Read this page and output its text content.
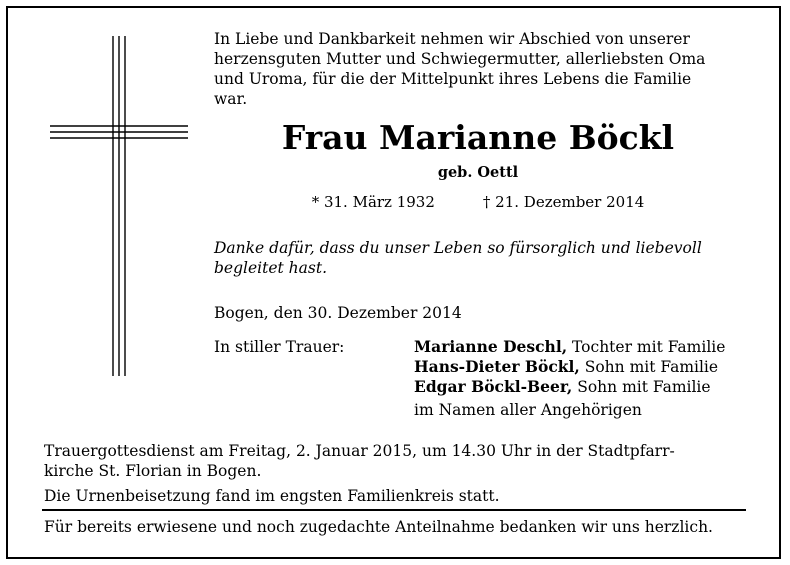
In Liebe und Dankbarkeit nehmen wir Abschied von unserer
herzensguten Mutter und Schwiegermutter, allerliebsten Oma
und Uroma, für die der Mittelpunkt ihres Lebens die Familie
war.
Frau Marianne Böckl
geb. Oettl
* 31. März 1932	† 21. Dezember 2014
Danke dafür, dass du unser Leben so fürsorglich und liebevoll
begleitet hast.
Bogen, den 30. Dezember 2014
In stiller Trauer:	Marianne Deschl, Tochter mit Familie
Hans-Dieter Böckl, Sohn mit Familie
Edgar Böckl-Beer, Sohn mit Familie
im Namen aller Angehörigen
Trauergottesdienst am Freitag, 2. Januar 2015, um 14.30 Uhr in der Stadtpfarr-
kirche St. Florian in Bogen.
Die Urnenbeisetzung fand im engsten Familienkreis statt.
Für bereits erwiesene und noch zugedachte Anteilnahme bedanken wir uns herzlich.
